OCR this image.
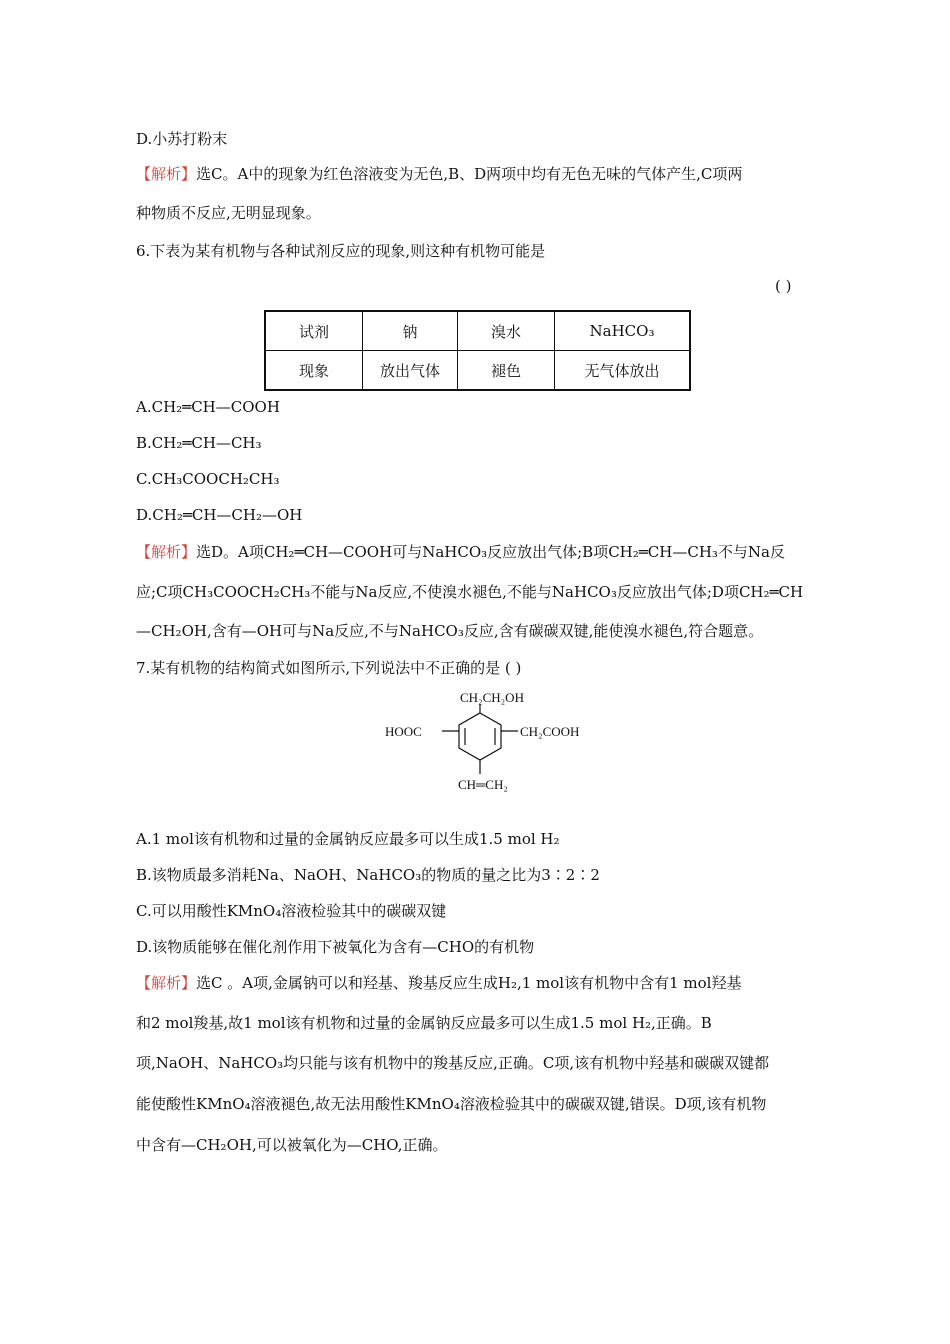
D.小苏打粉末
【解析】选C。A中的现象为红色溶液变为无色,B、D两项中均有无色无味的气体产生,C项两
种物质不反应,无明显现象。
6.下表为某有机物与各种试剂反应的现象,则这种有机物可能是
( )
试剂	钠	溴水	NaHCO₃
现象	放出气体	褪色	无气体放出
A.CH₂═CH—COOH
B.CH₂═CH—CH₃
C.CH₃COOCH₂CH₃
D.CH₂═CH—CH₂—OH
【解析】选D。A项CH₂═CH—COOH可与NaHCO₃反应放出气体;B项CH₂═CH—CH₃不与Na反
应;C项CH₃COOCH₂CH₃不能与Na反应,不使溴水褪色,不能与NaHCO₃反应放出气体;D项CH₂═CH
—CH₂OH,含有—OH可与Na反应,不与NaHCO₃反应,含有碳碳双键,能使溴水褪色,符合题意。
7.某有机物的结构简式如图所示,下列说法中不正确的是 ( )
CH₂CH₂OH
HOOC	CH₂COOH
CH═CH₂
A.1 mol该有机物和过量的金属钠反应最多可以生成1.5 mol H₂
B.该物质最多消耗Na、NaOH、NaHCO₃的物质的量之比为3∶2∶2
C.可以用酸性KMnO₄溶液检验其中的碳碳双键
D.该物质能够在催化剂作用下被氧化为含有—CHO的有机物
【解析】选C 。A项,金属钠可以和羟基、羧基反应生成H₂,1 mol该有机物中含有1 mol羟基
和2 mol羧基,故1 mol该有机物和过量的金属钠反应最多可以生成1.5 mol H₂,正确。B
项,NaOH、NaHCO₃均只能与该有机物中的羧基反应,正确。C项,该有机物中羟基和碳碳双键都
能使酸性KMnO₄溶液褪色,故无法用酸性KMnO₄溶液检验其中的碳碳双键,错误。D项,该有机物
中含有—CH₂OH,可以被氧化为—CHO,正确。
